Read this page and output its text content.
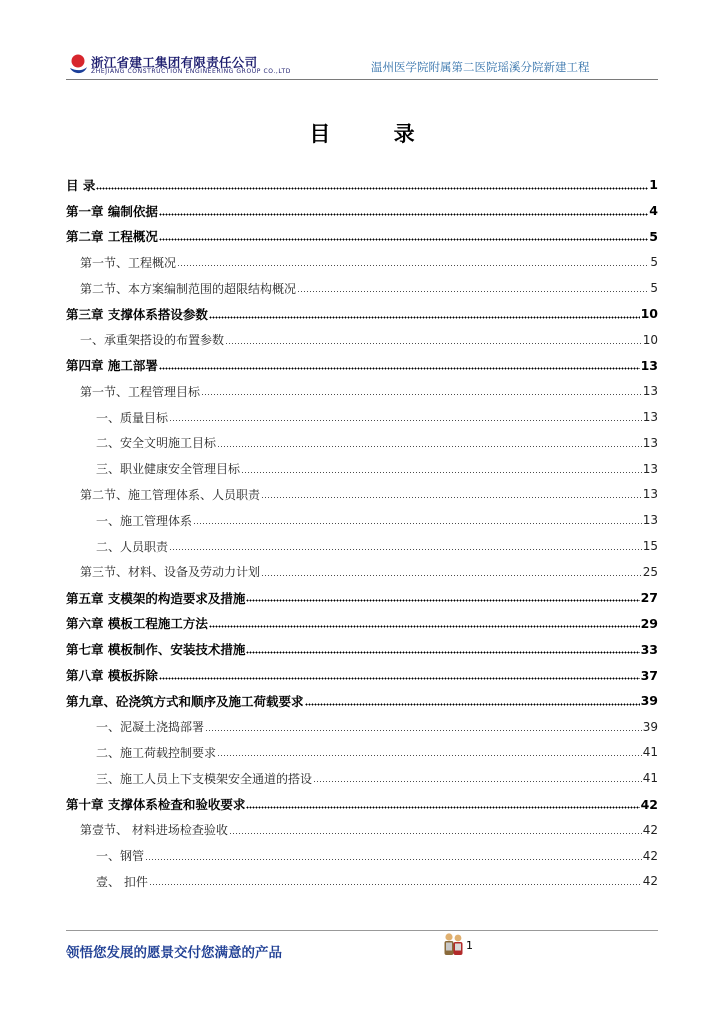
浙江省建工集团有限责任公司
ZHEJIANG CONSTRUCTION ENGINEERING GROUP CO.,LTD	温州医学院附属第二医院瑶溪分院新建工程
目 录
目 录	1
第一章 编制依据	4
第二章 工程概况	5
第一节、工程概况	5
第二节、本方案编制范围的超限结构概况	5
第三章 支撑体系搭设参数	10
一、承重架搭设的布置参数	10
第四章 施工部署	13
第一节、工程管理目标	13
一、质量目标	13
二、安全文明施工目标	13
三、职业健康安全管理目标	13
第二节、施工管理体系、人员职责	13
一、施工管理体系	13
二、人员职责	15
第三节、材料、设备及劳动力计划	25
第五章 支模架的构造要求及措施	27
第六章 模板工程施工方法	29
第七章 模板制作、安装技术措施	33
第八章 模板拆除	37
第九章、砼浇筑方式和顺序及施工荷载要求	39
一、泥凝土浇捣部署	39
二、施工荷载控制要求	41
三、施工人员上下支模架安全通道的搭设	41
第十章 支撑体系检查和验收要求	42
第壹节、 材料进场检查验收	42
一、钢管	42
壹、 扣件	42
领悟您发展的愿景交付您满意的产品	1
